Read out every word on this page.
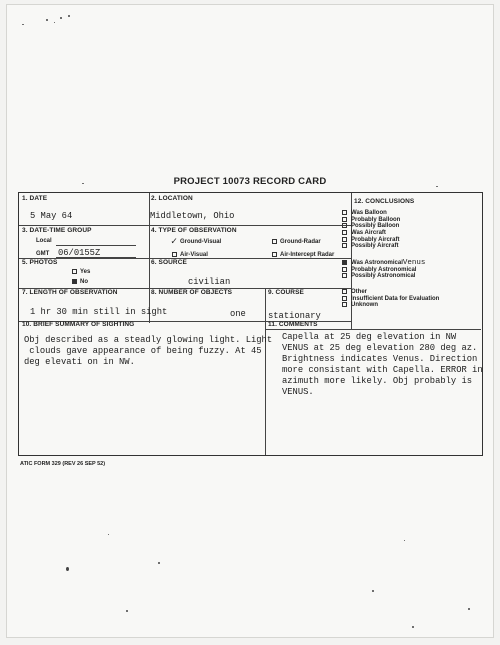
PROJECT 10073 RECORD CARD
1. DATE
5 May 64
2. LOCATION
Middletown, Ohio
3. DATE-TIME GROUP
Local
GMT 06/0155Z
4. TYPE OF OBSERVATION
Ground-Visual	Ground-Radar
Air-Visual	Air-Intercept Radar
✓
5. PHOTOS
Yes
No
6. SOURCE
civilian
7. LENGTH OF OBSERVATION
1 hr 30 min still in sight
8. NUMBER OF OBJECTS
one
9. COURSE
stationary
10. BRIEF SUMMARY OF SIGHTING
Obj described as a steadly glowing light. Light
clouds gave appearance of being fuzzy. At 45
deg elevati on in NW.
11. COMMENTS
Capella at 25 deg elevation in NW
VENUS at 25 deg elevation 280 deg az.
Brightness indicates Venus. Direction
more consistant with Capella. ERROR in
azimuth more likely. Obj probably is
VENUS.
12. CONCLUSIONS
Was Balloon
Probably Balloon
Possibly Balloon
Was Aircraft
Probably Aircraft
Possibly Aircraft
Was AstronomicalVenus
Probably Astronomical
Possibly Astronomical
Other
Insufficient Data for Evaluation
Unknown
ATIC FORM 329 (REV 26 SEP 52)
